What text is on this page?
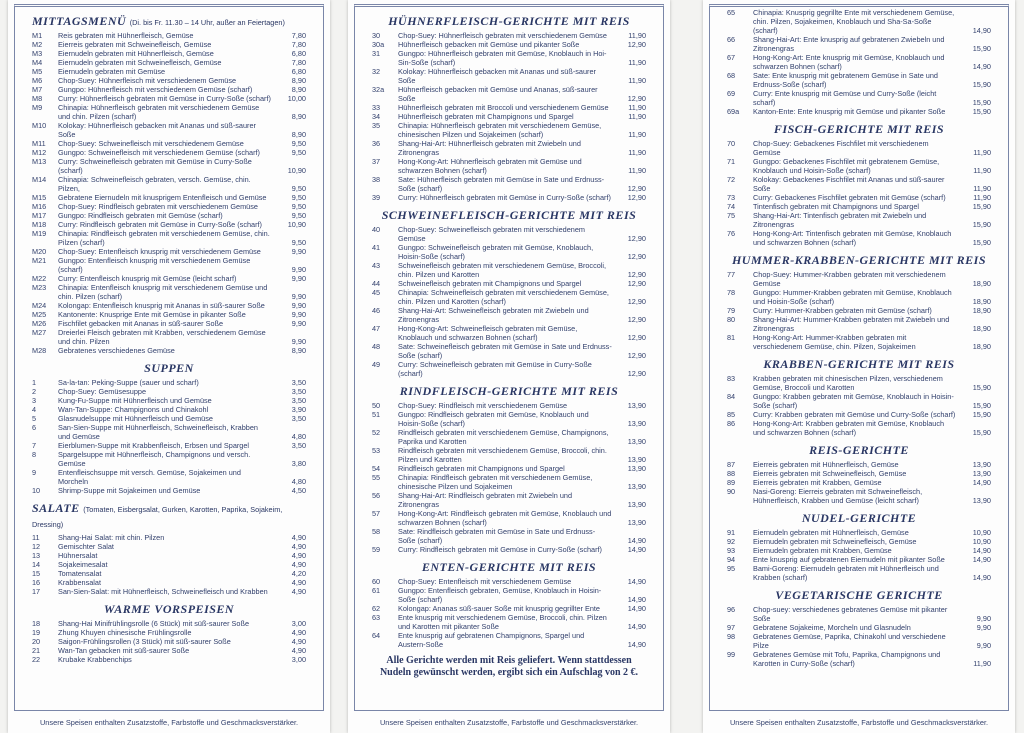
MITTAGSMENÜ (Di. bis Fr. 11.30 – 14 Uhr, außer an Feiertagen)
M1	Reis gebraten mit Hühnerfleisch, Gemüse	7,80
M2	Eierreis gebraten mit Schweinefleisch, Gemüse	7,80
M3	Eiernudeln gebraten mit Hühnerfleisch, Gemüse	6,80
M4	Eiernudeln gebraten mit Schweinefleisch, Gemüse	7,80
M5	Eiernudeln gebraten mit Gemüse	6,80
M6	Chop-Suey: Hühnerfleisch mit verschiedenem Gemüse	8,90
M7	Gungpo: Hühnerfleisch mit verschiedenem Gemüse (scharf)	8,90
M8	Curry: Hühnerfleisch gebraten mit Gemüse in Curry-Soße (scharf)	10,00
M9	Chinapia: Hühnerfleisch gebraten mit verschiedenem Gemüse und chin. Pilzen (scharf)	8,90
M10	Kolokay: Hühnerfleisch gebacken mit Ananas und süß-saurer Soße	8,90
M11	Chop-Suey: Schweinefleisch mit verschiedenem Gemüse	9,50
M12	Gungpo: Schweinefleisch mit verschiedenem Gemüse (scharf)	9,50
M13	Curry: Schweinefleisch gebraten mit Gemüse in Curry-Soße (scharf)	10,90
M14	Chinapia: Schweinefleisch gebraten, versch. Gemüse, chin. Pilzen,	9,50
M15	Gebratene Eiernudeln mit knusprigem Entenfleisch und Gemüse	9,50
M16	Chop-Suey: Rindfleisch gebraten mit verschiedenem Gemüse	9,50
M17	Gungpo: Rindfleisch gebraten mit Gemüse (scharf)	9,50
M18	Curry: Rindfleisch gebraten mit Gemüse in Curry-Soße (scharf)	10,90
M19	Chinapia: Rindfleisch gebraten mit verschiedenem Gemüse, chin. Pilzen (scharf)	9,50
M20	Chop-Suey: Entenfleisch knusprig mit verschiedenem Gemüse	9,90
M21	Gungpo: Entenfleisch knusprig mit verschiedenem Gemüse (scharf)	9,90
M22	Curry: Entenfleisch knusprig mit Gemüse (leicht scharf)	9,90
M23	Chinapia: Entenfleisch knusprig mit verschiedenem Gemüse und chin. Pilzen (scharf)	9,90
M24	Kolongap: Entenfleisch knusprig mit Ananas in süß-saurer Soße	9,90
M25	Kantonente: Knusprige Ente mit Gemüse in pikanter Soße	9,90
M26	Fischfilet gebacken mit Ananas in süß-saurer Soße	9,90
M27	Dreierlei Fleisch gebraten mit Krabben, verschiedenem Gemüse und chin. Pilzen	9,90
M28	Gebratenes verschiedenes Gemüse	8,90
SUPPEN
1	Sa-la-tan: Peking-Suppe (sauer und scharf)	3,50
2	Chop-Suey: Gemüsesuppe	3,50
3	Kung-Fu-Suppe mit Hühnerfleisch und Gemüse	3,50
4	Wan-Tan-Suppe: Champignons und Chinakohl	3,90
5	Glasnudelsuppe mit Hühnerfleisch und Gemüse	3,50
6	San-Sien-Suppe mit Hühnerfleisch, Schweinefleisch, Krabben und Gemüse	4,80
7	Eierblumen-Suppe mit Krabbenfleisch, Erbsen und Spargel	3,50
8	Spargelsuppe mit Hühnerfleisch, Champignons und versch. Gemüse	3,80
9	Entenfleischsuppe mit versch. Gemüse, Sojakeimen und Morcheln	4,80
10	Shrimp-Suppe mit Sojakeimen und Gemüse	4,50
SALATE (Tomaten, Eisbergsalat, Gurken, Karotten, Paprika, Sojakeim, Dressing)
11	Shang-Hai Salat: mit chin. Pilzen	4,90
12	Gemischter Salat	4,90
13	Hühnersalat	4,90
14	Sojakeimesalat	4,90
15	Tomatensalat	4,20
16	Krabbensalat	4,90
17	San-Sien-Salat: mit Hühnerfleisch, Schweinefleisch und Krabben	4,90
WARME VORSPEISEN
18	Shang-Hai Minifrühlingsrolle (6 Stück) mit süß-saurer Soße	3,00
19	Zhung Khuyen chinesische Frühlingsrolle	4,90
20	Saigon-Frühlingsrollen (3 Stück) mit süß-saurer Soße	4,90
21	Wan-Tan gebacken mit süß-saurer Soße	4,90
22	Krubake Krabbenchips	3,00
Unsere Speisen enthalten Zusatzstoffe, Farbstoffe und Geschmacksverstärker.
HÜHNERFLEISCH-GERICHTE MIT REIS
30	Chop-Suey: Hühnerfleisch gebraten mit verschiedenem Gemüse	11,90
30a	Hühnerfleisch gebacken mit Gemüse und pikanter Soße	12,90
31	Gungpo: Hühnerfleisch gebraten mit Gemüse, Knoblauch in Hoi-Sin-Soße (scharf)	11,90
32	Kolokay: Hühnerfleisch gebacken mit Ananas und süß-saurer Soße	11,90
32a	Hühnerfleisch gebacken mit Gemüse und Ananas, süß-saurer Soße	12,90
33	Hühnerfleisch gebraten mit Broccoli und verschiedenem Gemüse	11,90
34	Hühnerfleisch gebraten mit Champignons und Spargel	11,90
35	Chinapia: Hühnerfleisch gebraten mit verschiedenem Gemüse, chinesischen Pilzen und Sojakeimen (scharf)	11,90
36	Shang-Hai-Art: Hühnerfleisch gebraten mit Zwiebeln und Zitronengras	11,90
37	Hong-Kong-Art: Hühnerfleisch gebraten mit Gemüse und schwarzen Bohnen (scharf)	11,90
38	Sate: Hühnerfleisch gebraten mit Gemüse in Sate und Erdnuss-Soße (scharf)	12,90
39	Curry: Hühnerfleisch gebraten mit Gemüse in Curry-Soße (scharf)	12,90
SCHWEINEFLEISCH-GERICHTE MIT REIS
40	Chop-Suey: Schweinefleisch gebraten mit verschiedenem Gemüse	12,90
41	Gungpo: Schweinefleisch gebraten mit Gemüse, Knoblauch, Hoisin-Soße (scharf)	12,90
43	Schweinefleisch gebraten mit verschiedenem Gemüse, Broccoli, chin. Pilzen und Karotten	12,90
44	Schweinefleisch gebraten mit Champignons und Spargel	12,90
45	Chinapia: Schweinefleisch gebraten mit verschiedenem Gemüse, chin. Pilzen und Karotten (scharf)	12,90
46	Shang-Hai-Art: Schweinefleisch gebraten mit Zwiebeln und Zitronengras	12,90
47	Hong-Kong-Art: Schweinefleisch gebraten mit Gemüse, Knoblauch und schwarzen Bohnen (scharf)	12,90
48	Sate: Schweinefleisch gebraten mit Gemüse in Sate und Erdnuss-Soße (scharf)	12,90
49	Curry: Schweinefleisch gebraten mit Gemüse in Curry-Soße (scharf)	12,90
RINDFLEISCH-GERICHTE MIT REIS
50	Chop-Suey: Rindfleisch mit verschiedenem Gemüse	13,90
51	Gungpo: Rindfleisch gebraten mit Gemüse, Knoblauch und Hoisin-Soße (scharf)	13,90
52	Rindfleisch gebraten mit verschiedenem Gemüse, Champignons, Paprika und Karotten	13,90
53	Rindfleisch gebraten mit verschiedenem Gemüse, Broccoli, chin. Pilzen und Karotten	13,90
54	Rindfleisch gebraten mit Champignons und Spargel	13,90
55	Chinapia: Rindfleisch gebraten mit verschiedenem Gemüse, chinesische Pilzen und Sojakeimen	13,90
56	Shang-Hai-Art: Rindfleisch gebraten mit Zwiebeln und Zitronengras	13,90
57	Hong-Kong-Art: Rindfleisch gebraten mit Gemüse, Knoblauch und schwarzen Bohnen (scharf)	13,90
58	Sate: Rindfleisch gebraten mit Gemüse in Sate und Erdnuss-Soße (scharf)	14,90
59	Curry: Rindfleisch gebraten mit Gemüse in Curry-Soße (scharf)	14,90
ENTEN-GERICHTE MIT REIS
60	Chop-Suey: Entenfleisch mit verschiedenem Gemüse	14,90
61	Gungpo: Entenfleisch gebraten, Gemüse, Knoblauch in Hoisin-Soße (scharf)	14,90
62	Kolongap: Ananas süß-sauer Soße mit knusprig gegrillter Ente	14,90
63	Ente knusprig mit verschiedenem Gemüse, Broccoli, chin. Pilzen und Karotten mit pikanter Soße	14,90
64	Ente knusprig auf gebratenen Champignons, Spargel und Austern-Soße	14,90
Alle Gerichte werden mit Reis geliefert. Wenn stattdessen Nudeln gewünscht werden, ergibt sich ein Aufschlag von 2 €.
Unsere Speisen enthalten Zusatzstoffe, Farbstoffe und Geschmacksverstärker.
65	Chinapia: Knusprig gegrillte Ente mit verschiedenem Gemüse, chin. Pilzen, Sojakeimen, Knoblauch und Sha-Sa-Soße (scharf)	14,90
66	Shang-Hai-Art: Ente knusprig auf gebratenen Zwiebeln und Zitronengras	15,90
67	Hong-Kong-Art: Ente knusprig mit Gemüse, Knoblauch und schwarzen Bohnen (scharf)	14,90
68	Sate: Ente knusprig mit gebratenem Gemüse in Sate und Erdnuss-Soße (scharf)	15,90
69	Curry: Ente knusprig mit Gemüse und Curry-Soße (leicht scharf)	15,90
69a	Kanton-Ente: Ente knusprig mit Gemüse und pikanter Soße	15,90
FISCH-GERICHTE MIT REIS
70	Chop-Suey: Gebackenes Fischfilet mit verschiedenem Gemüse	11,90
71	Gungpo: Gebackenes Fischfilet mit gebratenem Gemüse, Knoblauch und Hoisin-Soße (scharf)	11,90
72	Kolokay: Gebackenes Fischfilet mit Ananas und süß-saurer Soße	11,90
73	Curry: Gebackenes Fischfilet gebraten mit Gemüse (scharf)	11,90
74	Tintenfisch gebraten mit Champignons und Spargel	15,90
75	Shang-Hai-Art: Tintenfisch gebraten mit Zwiebeln und Zitronengras	15,90
76	Hong-Kong-Art: Tintenfisch gebraten mit Gemüse, Knoblauch und schwarzen Bohnen (scharf)	15,90
HUMMER-KRABBEN-GERICHTE MIT REIS
77	Chop-Suey: Hummer-Krabben gebraten mit verschiedenem Gemüse	18,90
78	Gungpo: Hummer-Krabben gebraten mit Gemüse, Knoblauch und Hoisin-Soße (scharf)	18,90
79	Curry: Hummer-Krabben gebraten mit Gemüse (scharf)	18,90
80	Shang-Hai-Art: Hummer-Krabben gebraten mit Zwiebeln und Zitronengras	18,90
81	Hong-Kong-Art: Hummer-Krabben gebraten mit verschiedenem Gemüse, chin. Pilzen, Sojakeimen	18,90
KRABBEN-GERICHTE MIT REIS
83	Krabben gebraten mit chinesischen Pilzen, verschiedenem Gemüse, Broccoli und Karotten	15,90
84	Gungpo: Krabben gebraten mit Gemüse, Knoblauch in Hoisin-Soße (scharf)	15,90
85	Curry: Krabben gebraten mit Gemüse und Curry-Soße (scharf)	15,90
86	Hong-Kong-Art: Krabben gebraten mit Gemüse, Knoblauch und schwarzen Bohnen (scharf)	15,90
REIS-GERICHTE
87	Eierreis gebraten mit Hühnerfleisch, Gemüse	13,90
88	Eierreis gebraten mit Schweinefleisch, Gemüse	13,90
89	Eierreis gebraten mit Krabben, Gemüse	14,90
90	Nasi-Goreng: Eierreis gebraten mit Schweinefleisch, Hühnerfleisch, Krabben und Gemüse (leicht scharf)	13,90
NUDEL-GERICHTE
91	Eiernudeln gebraten mit Hühnerfleisch, Gemüse	10,90
92	Eiernudeln gebraten mit Schweinefleisch, Gemüse	10,90
93	Eiernudeln gebraten mit Krabben, Gemüse	14,90
94	Ente knusprig auf gebratenen Eiernudeln mit pikanter Soße	14,90
95	Bami-Goreng: Eiernudeln gebraten mit Hühnerfleisch und Krabben (scharf)	14,90
VEGETARISCHE GERICHTE
96	Chop-suey: verschiedenes gebratenes Gemüse mit pikanter Soße	9,90
97	Gebratene Sojakeime, Morcheln und Glasnudeln	9,90
98	Gebratenes Gemüse, Paprika, Chinakohl und verschiedene Pilze	9,90
99	Gebratenes Gemüse mit Tofu, Paprika, Champignons und Karotten in Curry-Soße (scharf)	11,90
Unsere Speisen enthalten Zusatzstoffe, Farbstoffe und Geschmacksverstärker.
